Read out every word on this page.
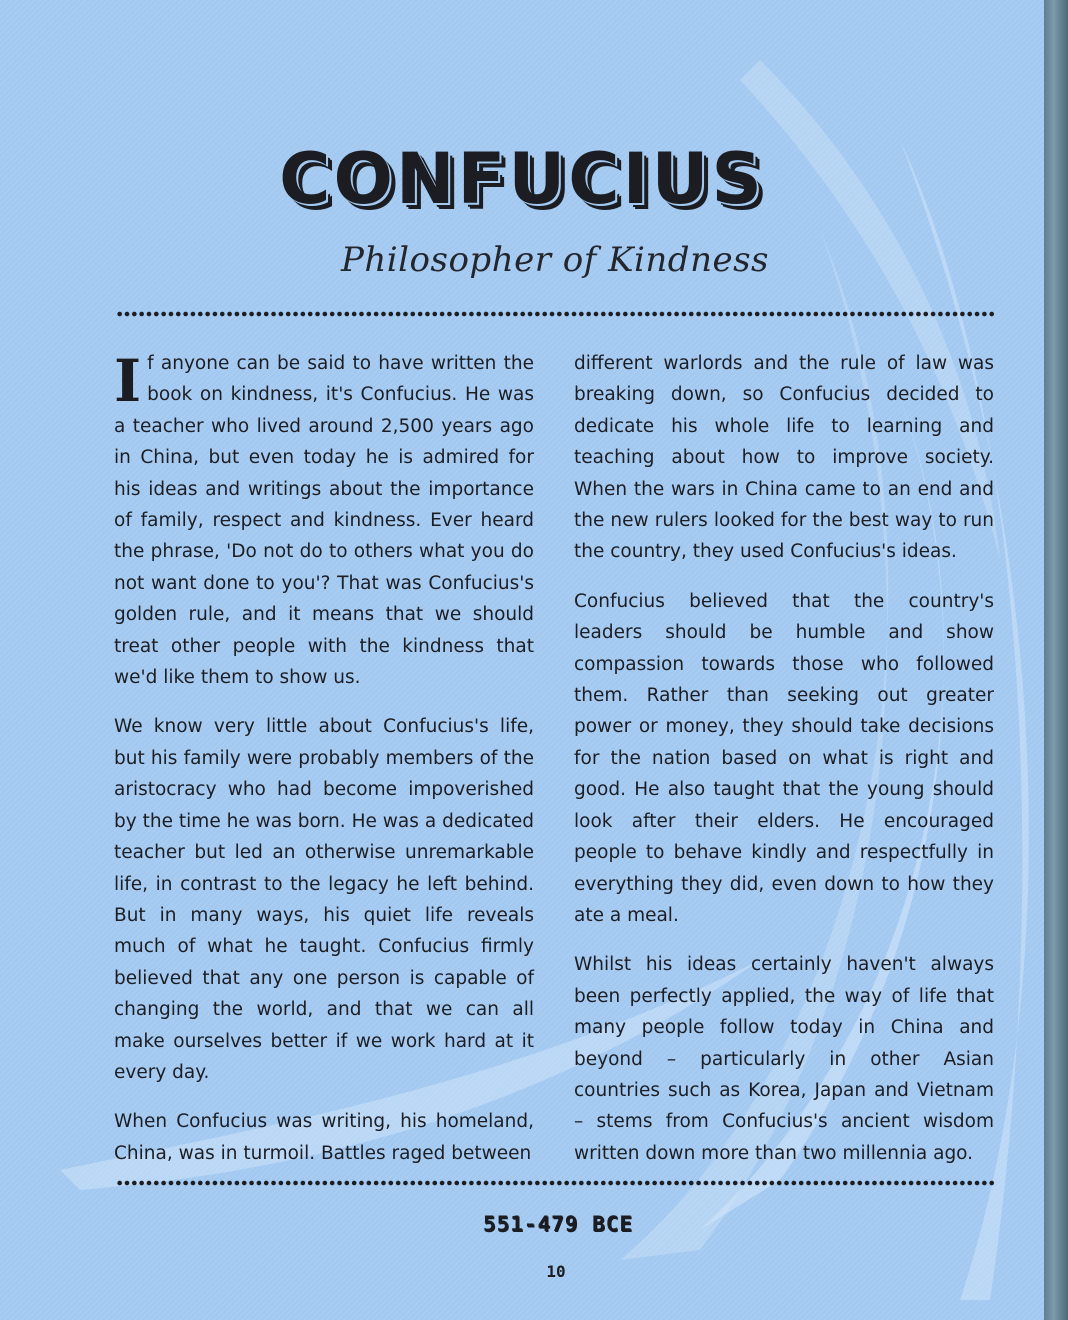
CONFUCIUS
Philosopher of Kindness

If anyone can be said to have written the book on kindness, it's Confucius. He was a teacher who lived around 2,500 years ago in China, but even today he is admired for his ideas and writings about the importance of family, respect and kindness. Ever heard the phrase, 'Do not do to others what you do not want done to you'? That was Confucius's golden rule, and it means that we should treat other people with the kindness that we'd like them to show us.

We know very little about Confucius's life, but his family were probably members of the aristocracy who had become impoverished by the time he was born. He was a dedicated teacher but led an otherwise unremarkable life, in contrast to the legacy he left behind. But in many ways, his quiet life reveals much of what he taught. Confucius firmly believed that any one person is capable of changing the world, and that we can all make ourselves better if we work hard at it every day.

When Confucius was writing, his homeland, China, was in turmoil. Battles raged between

different warlords and the rule of law was breaking down, so Confucius decided to dedicate his whole life to learning and teaching about how to improve society. When the wars in China came to an end and the new rulers looked for the best way to run the country, they used Confucius's ideas.

Confucius believed that the country's leaders should be humble and show compassion towards those who followed them. Rather than seeking out greater power or money, they should take decisions for the nation based on what is right and good. He also taught that the young should look after their elders. He encouraged people to behave kindly and respectfully in everything they did, even down to how they ate a meal.

Whilst his ideas certainly haven't always been perfectly applied, the way of life that many people follow today in China and beyond – particularly in other Asian countries such as Korea, Japan and Vietnam – stems from Confucius's ancient wisdom written down more than two millennia ago.

551-479 BCE
10
